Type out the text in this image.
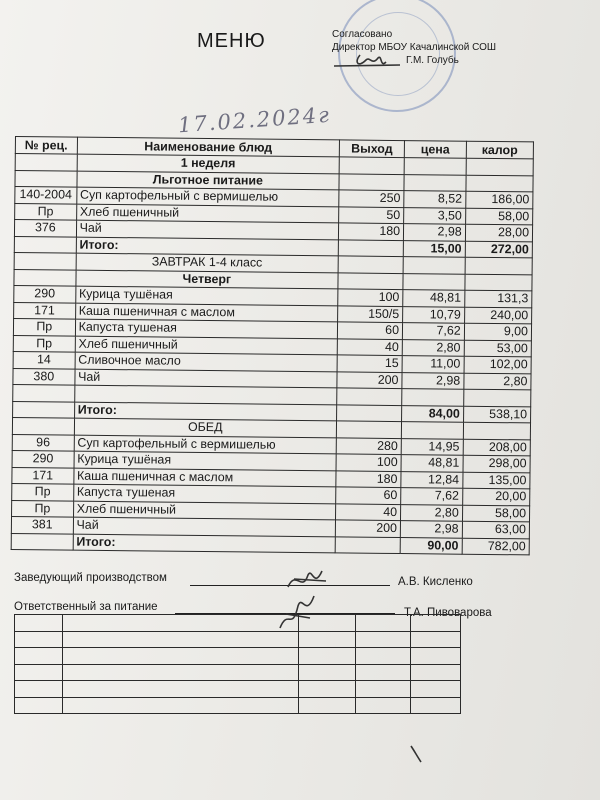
МЕНЮ	Согласовано
Директор МБОУ Качалинской СОШ
Г.М. Голубь
17.02.2024г
№ рец.	Наименование блюд	Выход	цена	калор
	1 неделя			
	Льготное питание			
140-2004	Суп картофельный с вермишелью	250	8,52	186,00
Пр	Хлеб пшеничный	50	3,50	58,00
376	Чай	180	2,98	28,00
	Итого:		15,00	272,00
	ЗАВТРАК 1-4 класс			
	Четверг			
290	Курица тушёная	100	48,81	131,3
171	Каша пшеничная с маслом	150/5	10,79	240,00
Пр	Капуста тушеная	60	7,62	9,00
Пр	Хлеб пшеничный	40	2,80	53,00
14	Сливочное масло	15	11,00	102,00
380	Чай	200	2,98	2,80

	Итого:		84,00	538,10
	ОБЕД			
96	Суп картофельный с вермишелью	280	14,95	208,00
290	Курица тушёная	100	48,81	298,00
171	Каша пшеничная с маслом	180	12,84	135,00
Пр	Капуста тушеная	60	7,62	20,00
Пр	Хлеб пшеничный	40	2,80	58,00
381	Чай	200	2,98	63,00
	Итого:		90,00	782,00
Заведующий производством	А.В. Кисленко
Ответственный за питание	Т.А. Пивоварова
